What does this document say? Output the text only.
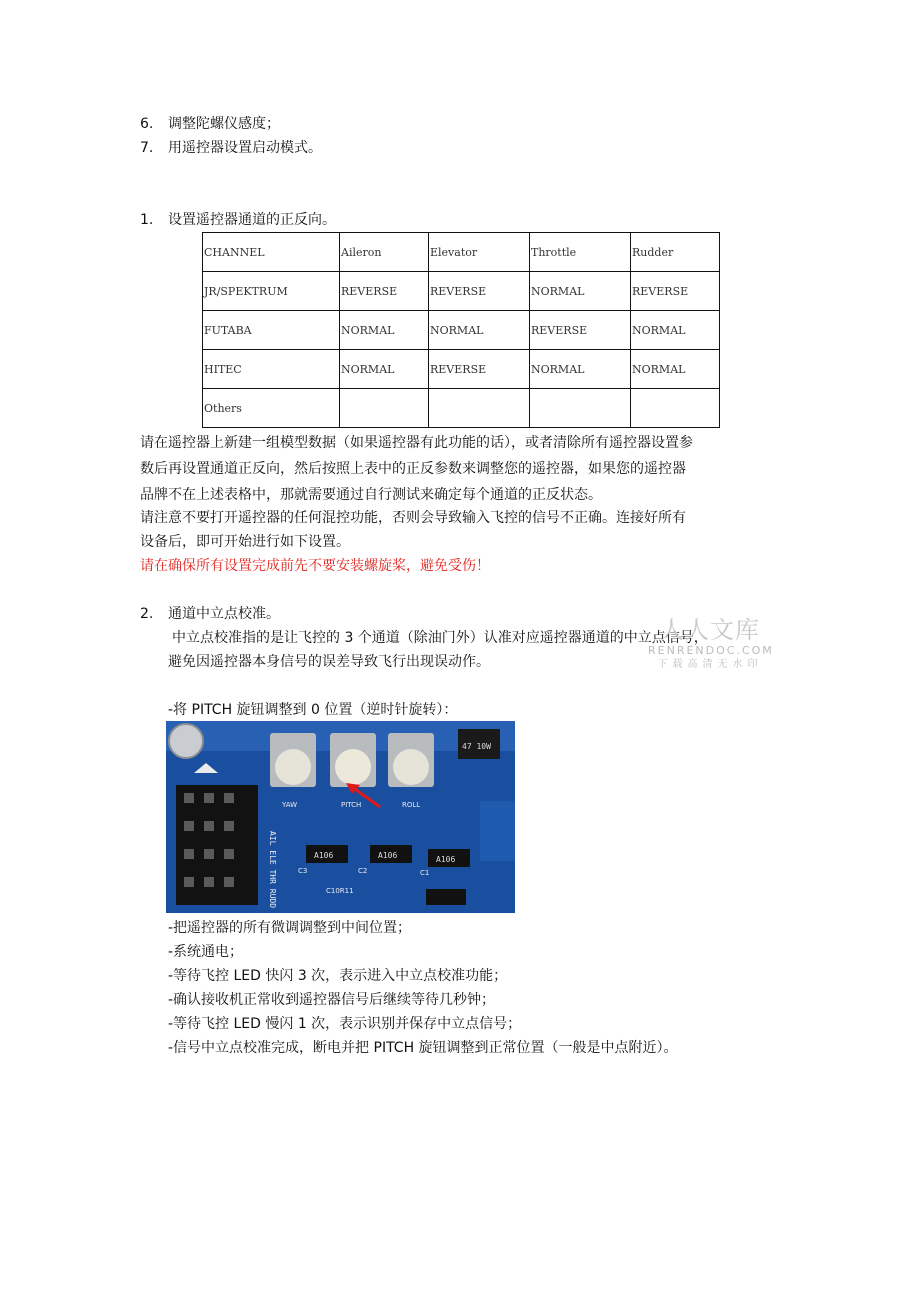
6. 调整陀螺仪感度；
7. 用遥控器设置启动模式。
1. 设置遥控器通道的正反向。
CHANNEL	Aileron	Elevator	Throttle	Rudder
JR/SPEKTRUM	REVERSE	REVERSE	NORMAL	REVERSE
FUTABA	NORMAL	NORMAL	REVERSE	NORMAL
HITEC	NORMAL	REVERSE	NORMAL	NORMAL
Others				
请在遥控器上新建一组模型数据（如果遥控器有此功能的话），或者清除所有遥控器设置参
数后再设置通道正反向，然后按照上表中的正反参数来调整您的遥控器，如果您的遥控器
品牌不在上述表格中，那就需要通过自行测试来确定每个通道的正反状态。
请注意不要打开遥控器的任何混控功能，否则会导致输入飞控的信号不正确。连接好所有
设备后，即可开始进行如下设置。
请在确保所有设置完成前先不要安装螺旋桨，避免受伤！
2. 通道中立点校准。
中立点校准指的是让飞控的 3 个通道（除油门外）认准对应遥控器通道的中立点信号，
避免因遥控器本身信号的误差导致飞行出现误动作。
人人文库
RENRENDOC.COM
下载高清无水印
-将 PITCH 旋钮调整到 0 位置（逆时针旋转）：
AIL ELE THR RUDD
YAW	PITCH	ROLL
47 10W
A106	A106	A106
C3	C2	C1
C10R11
-把遥控器的所有微调调整到中间位置；
-系统通电；
-等待飞控 LED 快闪 3 次，表示进入中立点校准功能；
-确认接收机正常收到遥控器信号后继续等待几秒钟；
-等待飞控 LED 慢闪 1 次，表示识别并保存中立点信号；
-信号中立点校准完成，断电并把 PITCH 旋钮调整到正常位置（一般是中点附近）。
